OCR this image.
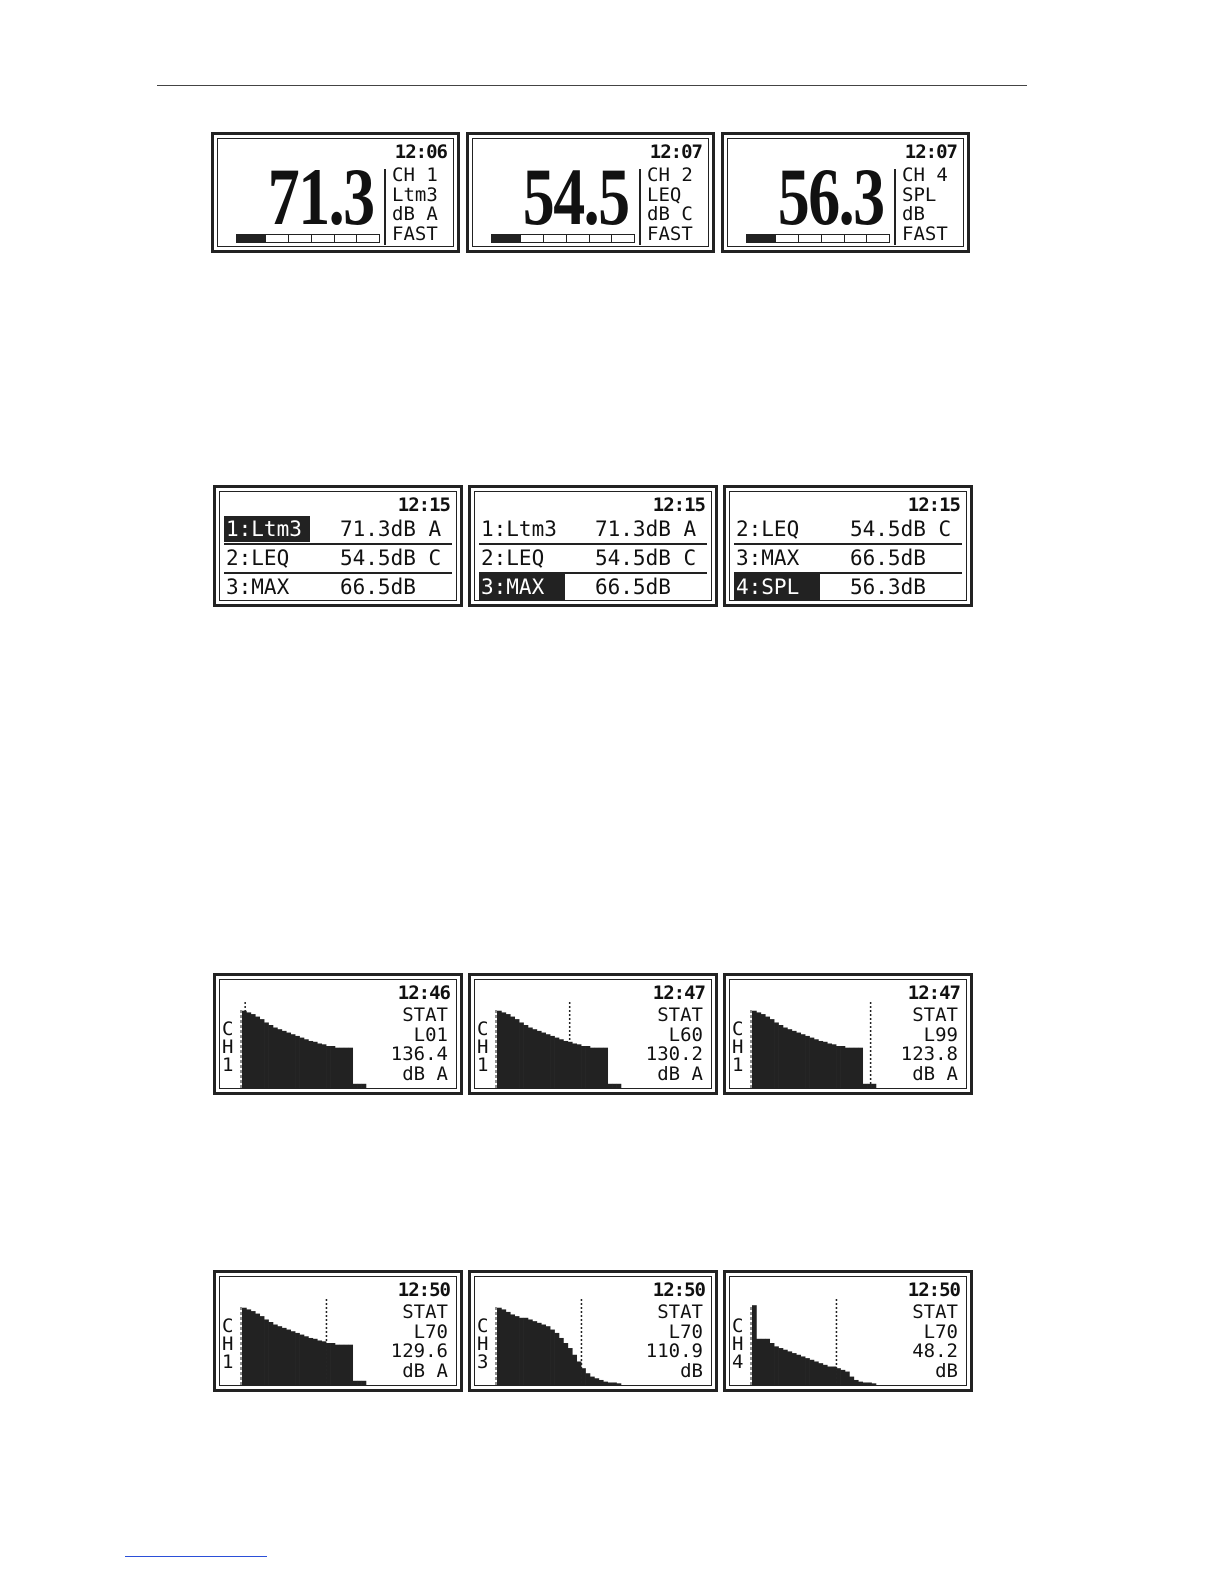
12:06
71.3 CH 1
Ltm3
dB A
FAST
12:07
54.5 CH 2
LEQ
dB C
FAST
12:07
56.3 CH 4
SPL
dB
FAST
12:15
1:Ltm3	71.3dB A
2:LEQ 54.5dB C
3:MAX 66.5dB
12:15
1:Ltm3 71.3dB A
2:LEQ 54.5dB C
3:MAX	66.5dB
12:15
2:LEQ 54.5dB C
3:MAX 66.5dB
4:SPL	56.3dB
12:46
C
H
1
STAT
L01
136.4
dB A
12:47
C
H
1
STAT
L60
130.2
dB A
12:47
C
H
1
STAT
L99
123.8
dB A
12:50
C
H
1
STAT
L70
129.6
dB A
12:50
C
H
3
STAT
L70
110.9
dB
12:50
C
H
4
STAT
L70
48.2
dB
